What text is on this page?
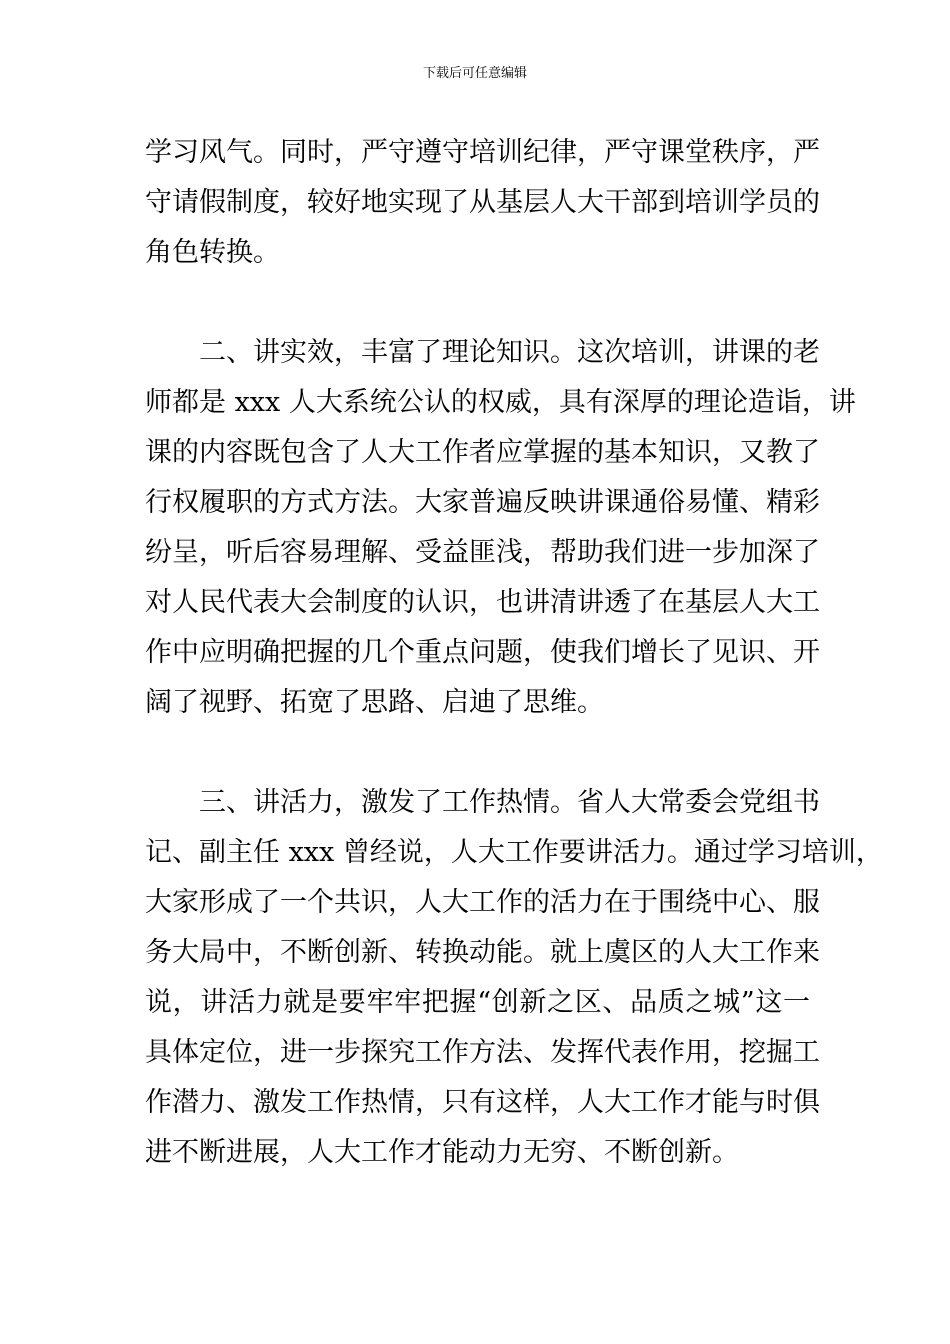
下载后可任意编辑
学习风气。同时，严守遵守培训纪律，严守课堂秩序，严
守请假制度，较好地实现了从基层人大干部到培训学员的
角色转换。
二、讲实效，丰富了理论知识。这次培训，讲课的老
师都是 xxx 人大系统公认的权威，具有深厚的理论造诣，讲
课的内容既包含了人大工作者应掌握的基本知识，又教了
行权履职的方式方法。大家普遍反映讲课通俗易懂、精彩
纷呈，听后容易理解、受益匪浅，帮助我们进一步加深了
对人民代表大会制度的认识，也讲清讲透了在基层人大工
作中应明确把握的几个重点问题，使我们增长了见识、开
阔了视野、拓宽了思路、启迪了思维。
三、讲活力，激发了工作热情。省人大常委会党组书
记、副主任 xxx 曾经说，人大工作要讲活力。通过学习培训，
大家形成了一个共识，人大工作的活力在于围绕中心、服
务大局中，不断创新、转换动能。就上虞区的人大工作来
说，讲活力就是要牢牢把握“创新之区、品质之城”这一
具体定位，进一步探究工作方法、发挥代表作用，挖掘工
作潜力、激发工作热情，只有这样，人大工作才能与时俱
进不断进展，人大工作才能动力无穷、不断创新。
